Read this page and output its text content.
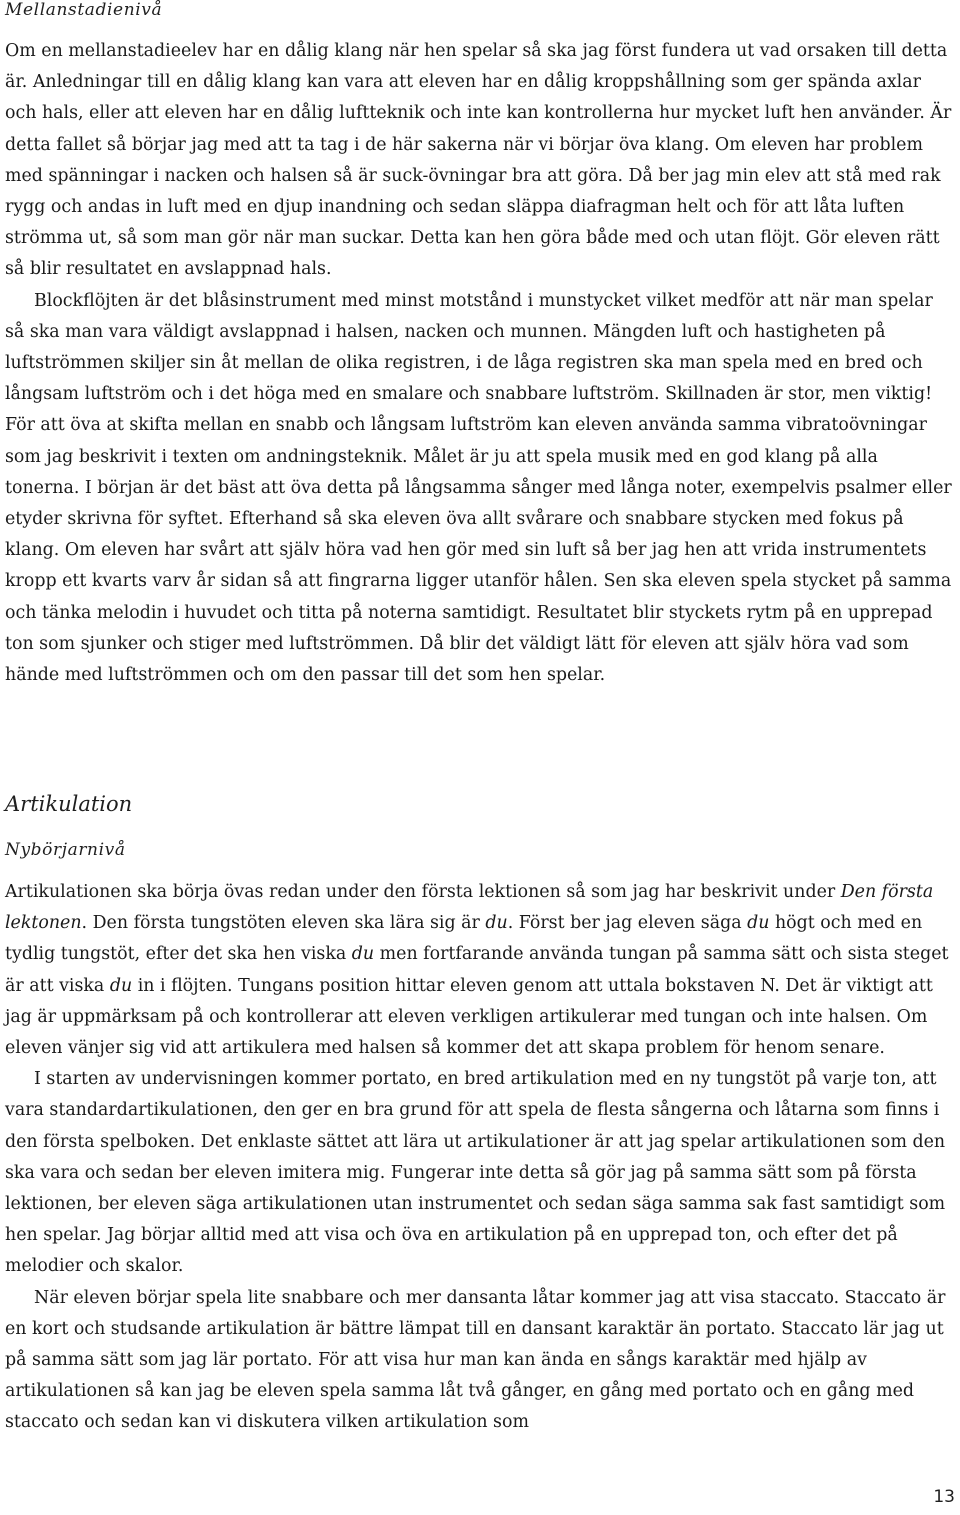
Mellanstadienivå

Om en mellanstadieelev har en dålig klang när hen spelar så ska jag först fundera ut vad orsaken till detta är. Anledningar till en dålig klang kan vara att eleven har en dålig kroppshållning som ger spända axlar och hals, eller att eleven har en dålig luftteknik och inte kan kontrollerna hur mycket luft hen använder. Är detta fallet så börjar jag med att ta tag i de här sakerna när vi börjar öva klang. Om eleven har problem med spänningar i nacken och halsen så är suck-övningar bra att göra. Då ber jag min elev att stå med rak rygg och andas in luft med en djup inandning och sedan släppa diafragman helt och för att låta luften strömma ut, så som man gör när man suckar. Detta kan hen göra både med och utan flöjt. Gör eleven rätt så blir resultatet en avslappnad hals.

Blockflöjten är det blåsinstrument med minst motstånd i munstycket vilket medför att när man spelar så ska man vara väldigt avslappnad i halsen, nacken och munnen. Mängden luft och hastigheten på luftströmmen skiljer sin åt mellan de olika registren, i de låga registren ska man spela med en bred och långsam luftström och i det höga med en smalare och snabbare luftström. Skillnaden är stor, men viktig! För att öva at skifta mellan en snabb och långsam luftström kan eleven använda samma vibratoövningar som jag beskrivit i texten om andningsteknik. Målet är ju att spela musik med en god klang på alla tonerna. I början är det bäst att öva detta på långsamma sånger med långa noter, exempelvis psalmer eller etyder skrivna för syftet. Efterhand så ska eleven öva allt svårare och snabbare stycken med fokus på klang. Om eleven har svårt att själv höra vad hen gör med sin luft så ber jag hen att vrida instrumentets kropp ett kvarts varv år sidan så att fingrarna ligger utanför hålen. Sen ska eleven spela stycket på samma och tänka melodin i huvudet och titta på noterna samtidigt. Resultatet blir styckets rytm på en upprepad ton som sjunker och stiger med luftströmmen. Då blir det väldigt lätt för eleven att själv höra vad som hände med luftströmmen och om den passar till det som hen spelar.

Artikulation
Nybörjarnivå

Artikulationen ska börja övas redan under den första lektionen så som jag har beskrivit under Den första lektonen. Den första tungstöten eleven ska lära sig är du. Först ber jag eleven säga du högt och med en tydlig tungstöt, efter det ska hen viska du men fortfarande använda tungan på samma sätt och sista steget är att viska du in i flöjten. Tungans position hittar eleven genom att uttala bokstaven N. Det är viktigt att jag är uppmärksam på och kontrollerar att eleven verkligen artikulerar med tungan och inte halsen. Om eleven vänjer sig vid att artikulera med halsen så kommer det att skapa problem för henom senare.

I starten av undervisningen kommer portato, en bred artikulation med en ny tungstöt på varje ton, att vara standardartikulationen, den ger en bra grund för att spela de flesta sångerna och låtarna som finns i den första spelboken. Det enklaste sättet att lära ut artikulationer är att jag spelar artikulationen som den ska vara och sedan ber eleven imitera mig. Fungerar inte detta så gör jag på samma sätt som på första lektionen, ber eleven säga artikulationen utan instrumentet och sedan säga samma sak fast samtidigt som hen spelar. Jag börjar alltid med att visa och öva en artikulation på en upprepad ton, och efter det på melodier och skalor.

När eleven börjar spela lite snabbare och mer dansanta låtar kommer jag att visa staccato. Staccato är en kort och studsande artikulation är bättre lämpat till en dansant karaktär än portato. Staccato lär jag ut på samma sätt som jag lär portato. För att visa hur man kan ända en sångs karaktär med hjälp av artikulationen så kan jag be eleven spela samma låt två gånger, en gång med portato och en gång med staccato och sedan kan vi diskutera vilken artikulation som

13
